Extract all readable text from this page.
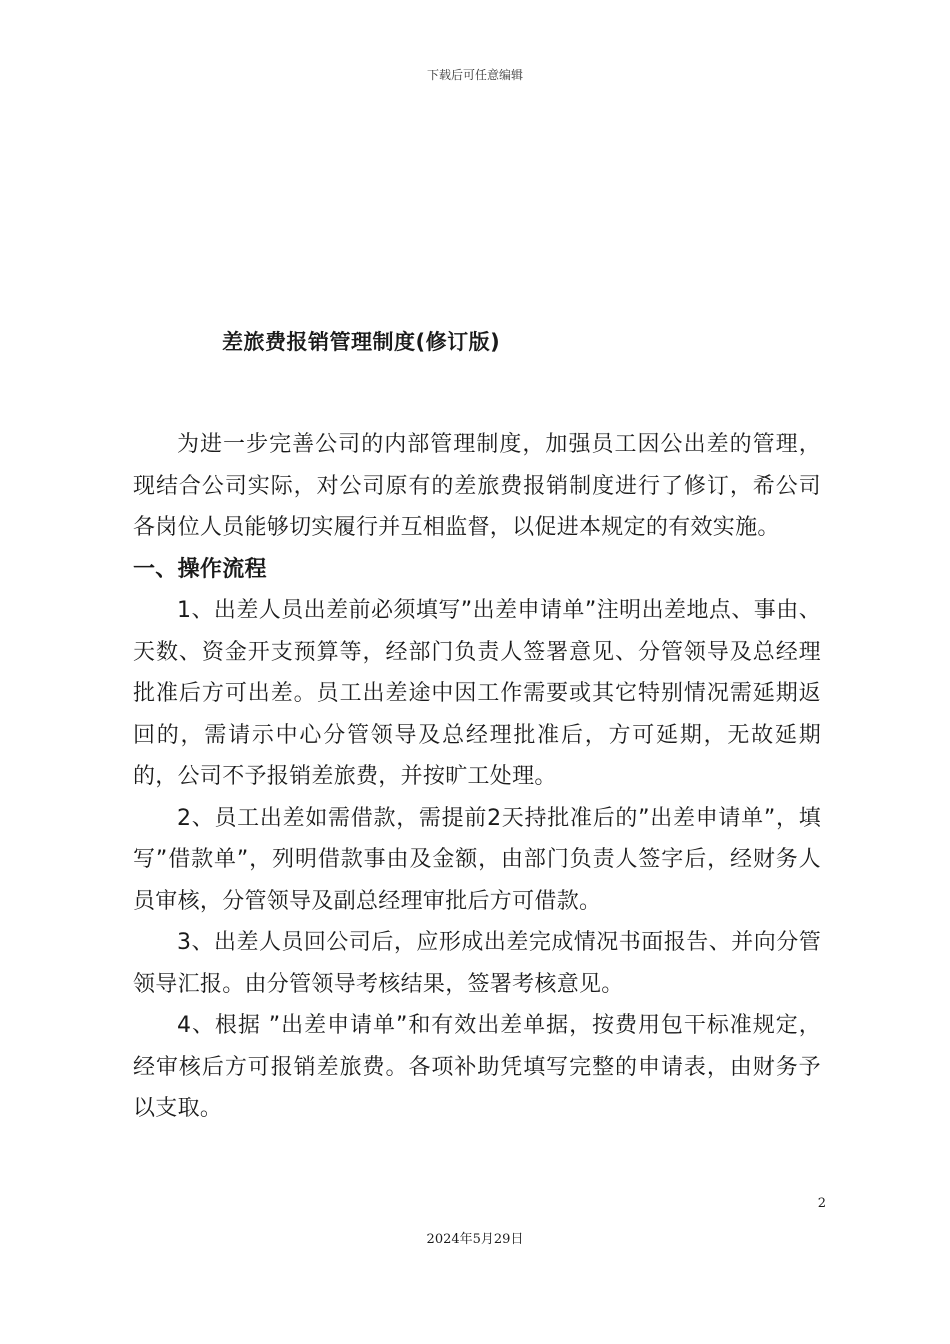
下载后可任意编辑
差旅费报销管理制度(修订版)

为进一步完善公司的内部管理制度，加强员工因公出差的管理，现结合公司实际，对公司原有的差旅费报销制度进行了修订，希公司各岗位人员能够切实履行并互相监督，以促进本规定的有效实施。

一、操作流程

1、出差人员出差前必须填写”出差申请单”注明出差地点、事由、天数、资金开支预算等，经部门负责人签署意见、分管领导及总经理批准后方可出差。员工出差途中因工作需要或其它特别情况需延期返回的，需请示中心分管领导及总经理批准后，方可延期，无故延期的，公司不予报销差旅费，并按旷工处理。

2、员工出差如需借款，需提前2天持批准后的”出差申请单”，填写”借款单”，列明借款事由及金额，由部门负责人签字后，经财务人员审核，分管领导及副总经理审批后方可借款。

3、出差人员回公司后，应形成出差完成情况书面报告、并向分管领导汇报。由分管领导考核结果，签署考核意见。

4、根据 ”出差申请单”和有效出差单据，按费用包干标准规定，经审核后方可报销差旅费。各项补助凭填写完整的申请表，由财务予以支取。

2
2024年5月29日
